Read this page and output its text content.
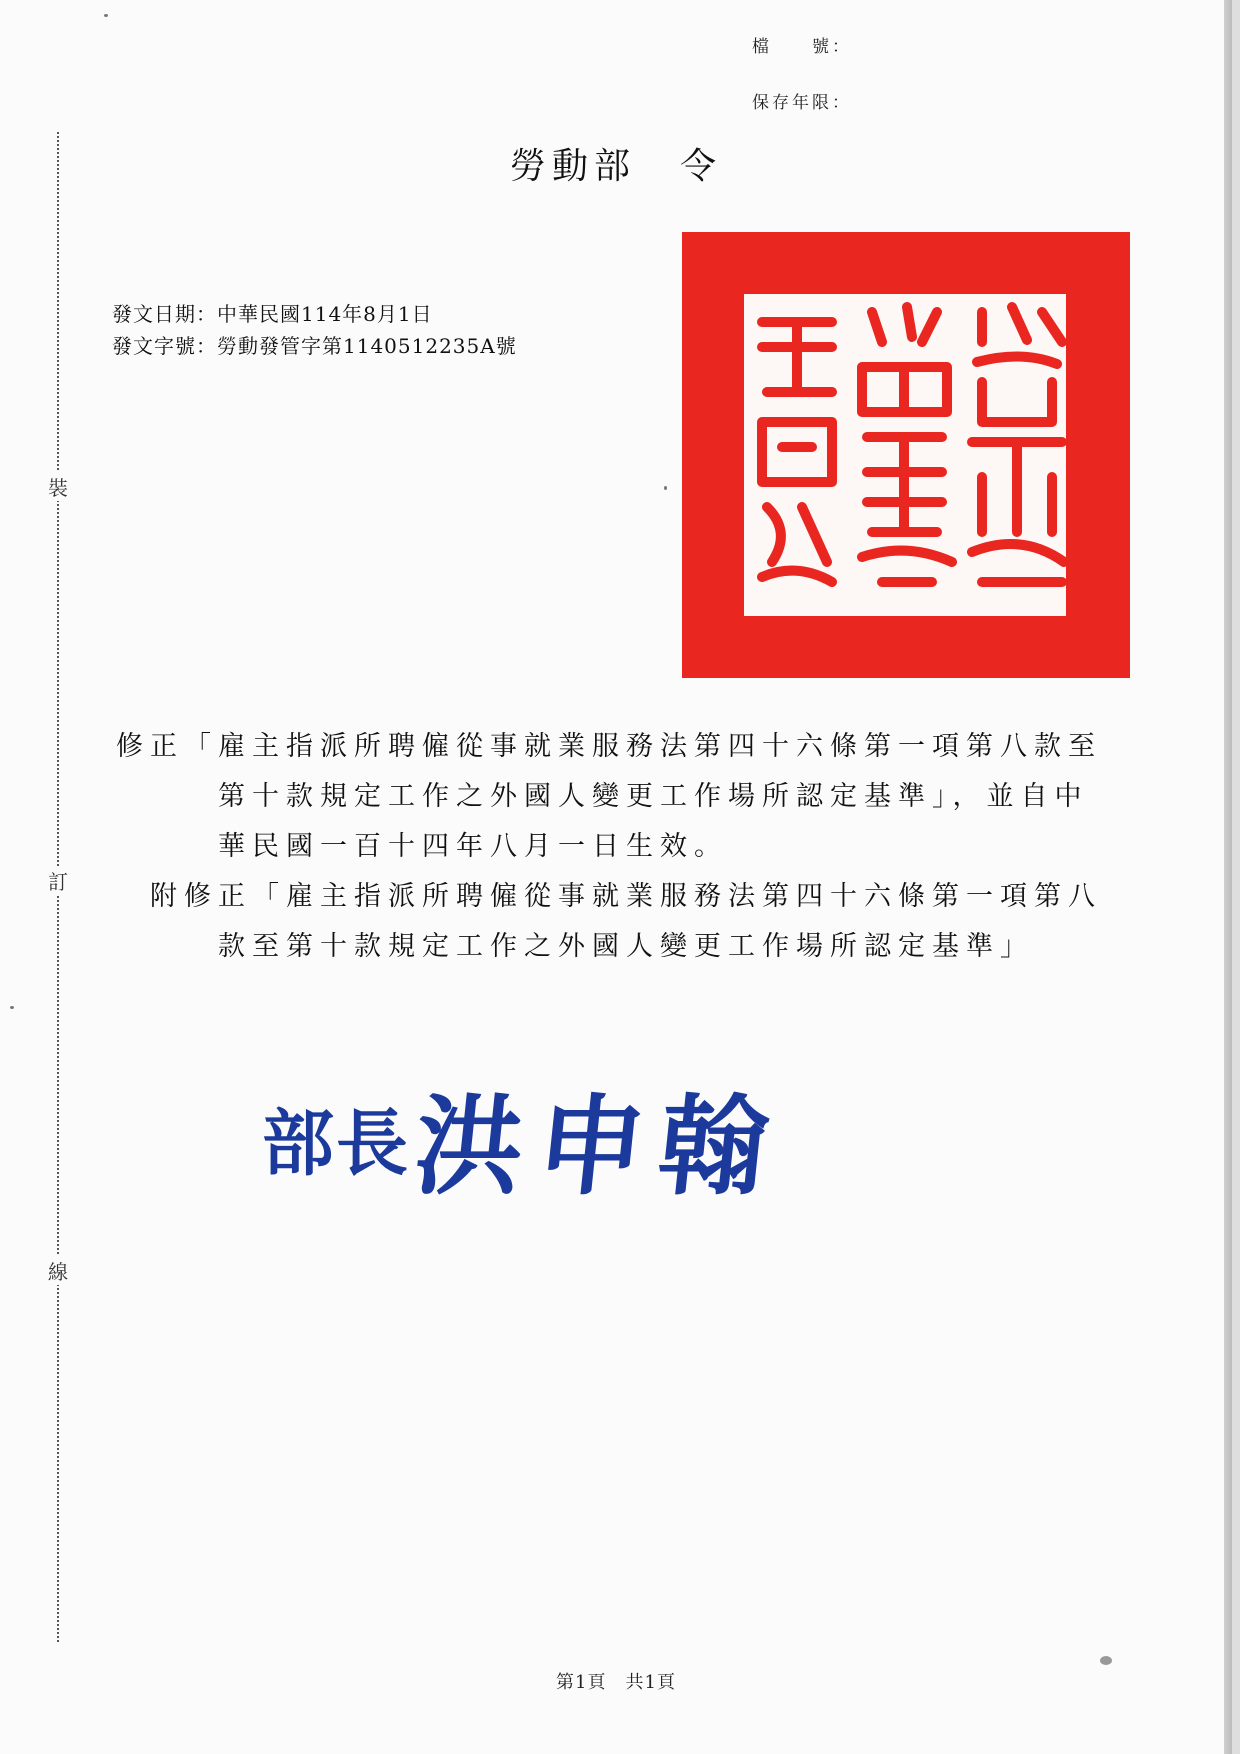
裝
訂
線
檔　　號：
保存年限：
勞動部 令
發文日期：中華民國114年8月1日
發文字號：勞動發管字第1140512235A號
修正「雇主指派所聘僱從事就業服務法第四十六條第一項第八款至
第十款規定工作之外國人變更工作場所認定基準」，並自中
華民國一百十四年八月一日生效。
附修正「雇主指派所聘僱從事就業服務法第四十六條第一項第八
款至第十款規定工作之外國人變更工作場所認定基準」
部長洪申翰
第1頁　共1頁
